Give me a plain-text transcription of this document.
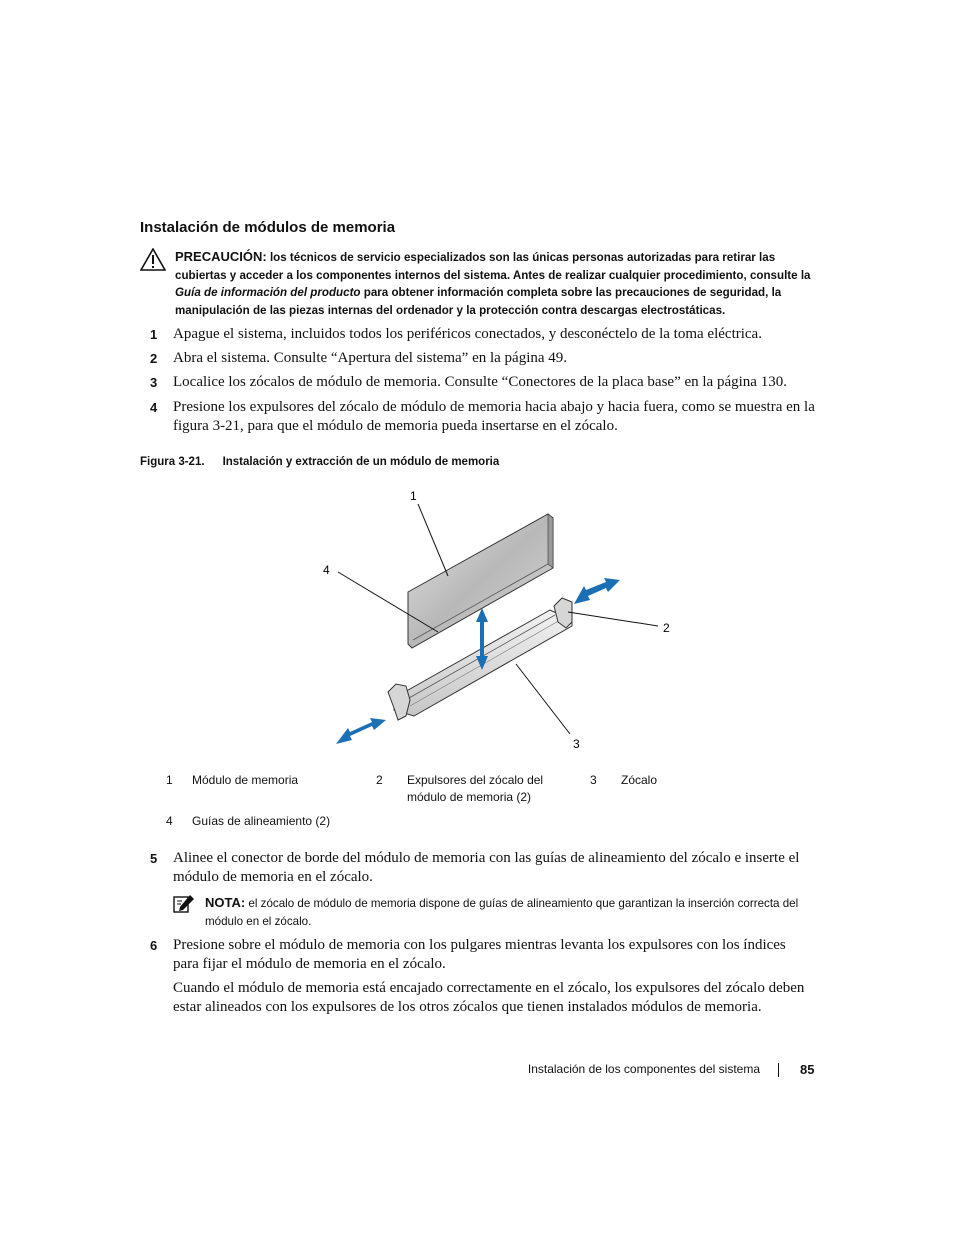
Instalación de módulos de memoria
PRECAUCIÓN: los técnicos de servicio especializados son las únicas personas autorizadas para retirar las cubiertas y acceder a los componentes internos del sistema. Antes de realizar cualquier procedimiento, consulte la Guía de información del producto para obtener información completa sobre las precauciones de seguridad, la manipulación de las piezas internas del ordenador y la protección contra descargas electrostáticas.

1 Apague el sistema, incluidos todos los periféricos conectados, y desconéctelo de la toma eléctrica.

2 Abra el sistema. Consulte “Apertura del sistema” en la página 49.

3 Localice los zócalos de módulo de memoria. Consulte “Conectores de la placa base” en la página 130.

4 Presione los expulsores del zócalo de módulo de memoria hacia abajo y hacia fuera, como se muestra en la figura 3-21, para que el módulo de memoria pueda insertarse en el zócalo.

Figura 3-21. Instalación y extracción de un módulo de memoria
1
2
3
4
1 Módulo de memoria	2 Expulsores del zócalo del
módulo de memoria (2)
3 Zócalo
4 Guías de alineamiento (2)

5 Alinee el conector de borde del módulo de memoria con las guías de alineamiento del zócalo e inserte el módulo de memoria en el zócalo.

NOTA: el zócalo de módulo de memoria dispone de guías de alineamiento que garantizan la inserción correcta del módulo en el zócalo.

6 Presione sobre el módulo de memoria con los pulgares mientras levanta los expulsores con los índices para fijar el módulo de memoria en el zócalo.

Cuando el módulo de memoria está encajado correctamente en el zócalo, los expulsores del zócalo deben estar alineados con los expulsores de los otros zócalos que tienen instalados módulos de memoria.

Instalación de los componentes del sistema	85
